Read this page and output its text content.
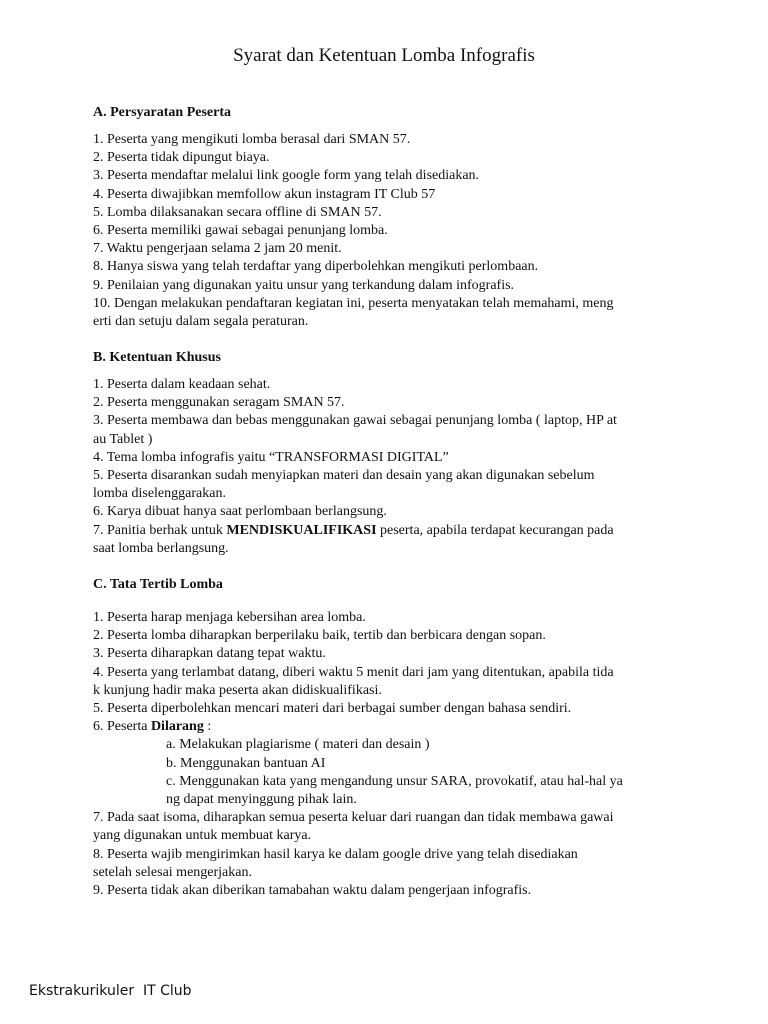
Syarat dan Ketentuan Lomba Infografis
A. Persyaratan Peserta
1. Peserta yang mengikuti lomba berasal dari SMAN 57.
2. Peserta tidak dipungut biaya.
3. Peserta mendaftar melalui link google form yang telah disediakan.
4. Peserta diwajibkan memfollow akun instagram IT Club 57
5. Lomba dilaksanakan secara offline di SMAN 57.
6. Peserta memiliki gawai sebagai penunjang lomba.
7. Waktu pengerjaan selama 2 jam 20 menit.
8. Hanya siswa yang telah terdaftar yang diperbolehkan mengikuti perlombaan.
9. Penilaian yang digunakan yaitu unsur yang terkandung dalam infografis.
10. Dengan melakukan pendaftaran kegiatan ini, peserta menyatakan telah memahami, meng
erti dan setuju dalam segala peraturan.
B. Ketentuan Khusus
1. Peserta dalam keadaan sehat.
2. Peserta menggunakan seragam SMAN 57.
3. Peserta membawa dan bebas menggunakan gawai sebagai penunjang lomba ( laptop, HP at
au Tablet )
4. Tema lomba infografis yaitu “TRANSFORMASI DIGITAL”
5. Peserta disarankan sudah menyiapkan materi dan desain yang akan digunakan sebelum
lomba diselenggarakan.
6. Karya dibuat hanya saat perlombaan berlangsung.
7. Panitia berhak untuk MENDISKUALIFIKASI peserta, apabila terdapat kecurangan pada
saat lomba berlangsung.
C. Tata Tertib Lomba
1. Peserta harap menjaga kebersihan area lomba.
2. Peserta lomba diharapkan berperilaku baik, tertib dan berbicara dengan sopan.
3. Peserta diharapkan datang tepat waktu.
4. Peserta yang terlambat datang, diberi waktu 5 menit dari jam yang ditentukan, apabila tida
k kunjung hadir maka peserta akan didiskualifikasi.
5. Peserta diperbolehkan mencari materi dari berbagai sumber dengan bahasa sendiri.
6. Peserta Dilarang :
a. Melakukan plagiarisme ( materi dan desain )
b. Menggunakan bantuan AI
c. Menggunakan kata yang mengandung unsur SARA, provokatif, atau hal-hal ya
ng dapat menyinggung pihak lain.
7. Pada saat isoma, diharapkan semua peserta keluar dari ruangan dan tidak membawa gawai
yang digunakan untuk membuat karya.
8. Peserta wajib mengirimkan hasil karya ke dalam google drive yang telah disediakan
setelah selesai mengerjakan.
9. Peserta tidak akan diberikan tamabahan waktu dalam pengerjaan infografis.
Ekstrakurikuler  IT Club
